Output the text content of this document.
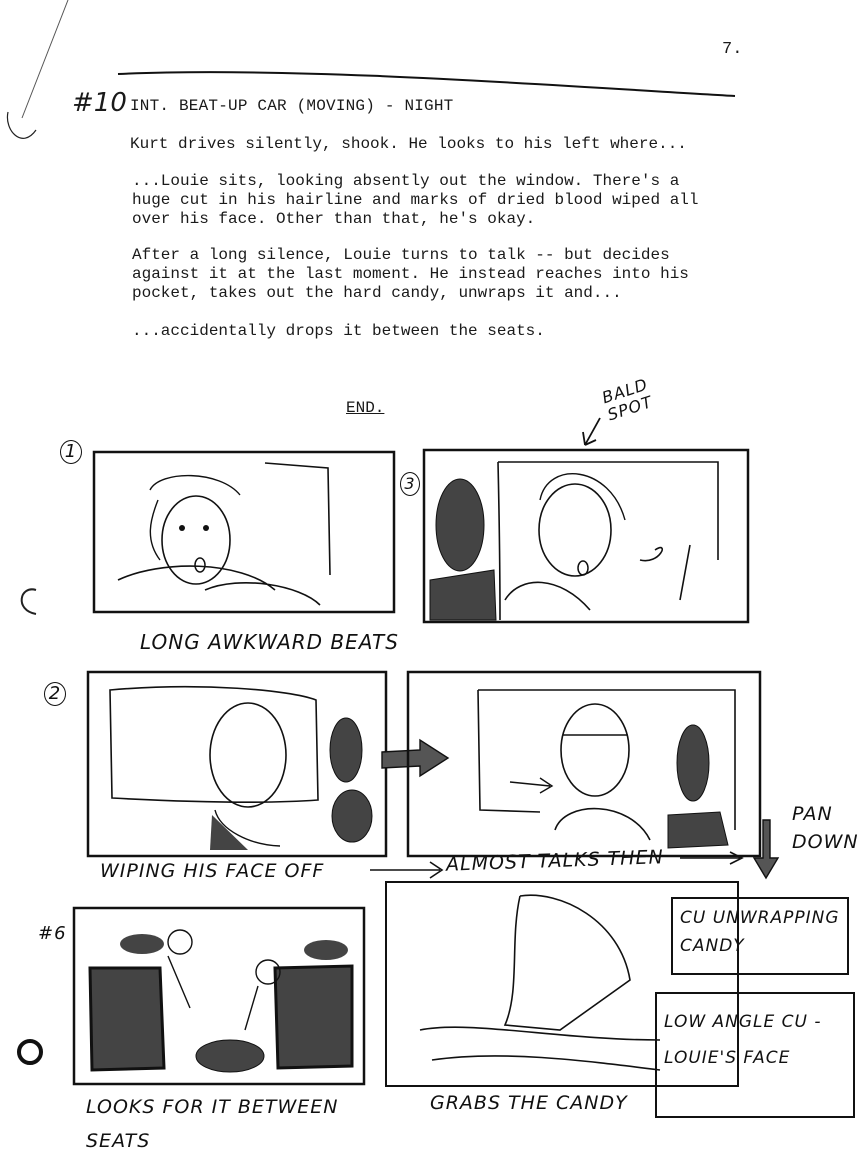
7.
#10 INT. BEAT-UP CAR (MOVING) - NIGHT
Kurt drives silently, shook. He looks to his left where...
...Louie sits, looking absently out the window. There's a
huge cut in his hairline and marks of dried blood wiped all
over his face. Other than that, he's okay.
After a long silence, Louie turns to talk -- but decides
against it at the last moment. He instead reaches into his
pocket, takes out the hard candy, unwraps it and...
...accidentally drops it between the seats.
END.
BALD SPOT
1
3
LONG AWKWARD BEATS
2
WIPING HIS FACE OFF	ALMOST TALKS THEN
PAN DOWN
#6
CU UNWRAPPING CANDY
LOW ANGLE CU - LOUIE'S FACE
LOOKS FOR IT BETWEEN SEATS
GRABS THE CANDY
